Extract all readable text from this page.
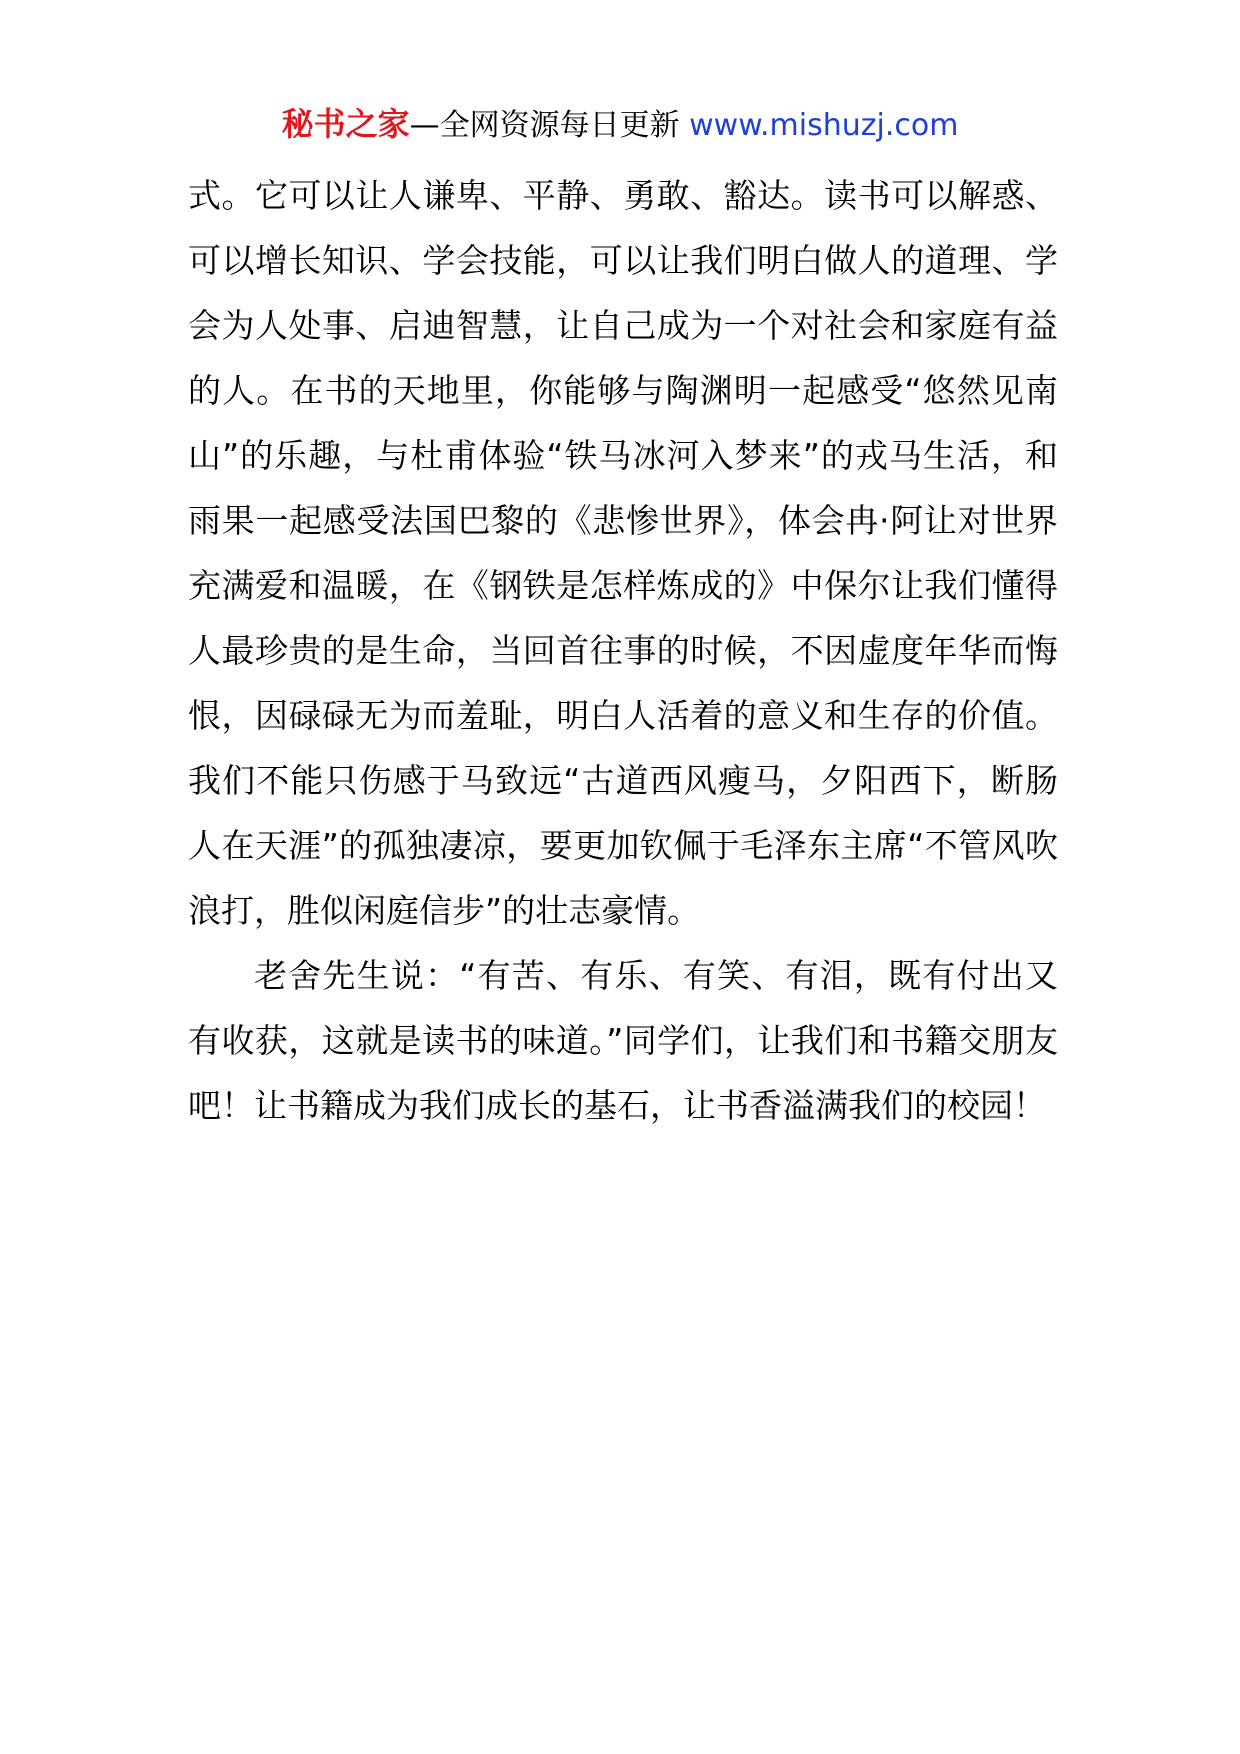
秘书之家—全网资源每日更新 www.mishuzj.com

式。它可以让人谦卑、平静、勇敢、豁达。读书可以解惑、可以增长知识、学会技能，可以让我们明白做人的道理、学会为人处事、启迪智慧，让自己成为一个对社会和家庭有益的人。在书的天地里，你能够与陶渊明一起感受“悠然见南山”的乐趣，与杜甫体验“铁马冰河入梦来”的戎马生活，和雨果一起感受法国巴黎的《悲惨世界》，体会冉·阿让对世界充满爱和温暖，在《钢铁是怎样炼成的》中保尔让我们懂得人最珍贵的是生命，当回首往事的时候，不因虚度年华而悔恨，因碌碌无为而羞耻，明白人活着的意义和生存的价值。我们不能只伤感于马致远“古道西风瘦马，夕阳西下，断肠人在天涯”的孤独凄凉，要更加钦佩于毛泽东主席“不管风吹浪打，胜似闲庭信步”的壮志豪情。

老舍先生说：“有苦、有乐、有笑、有泪，既有付出又有收获，这就是读书的味道。”同学们，让我们和书籍交朋友吧！让书籍成为我们成长的基石，让书香溢满我们的校园！
